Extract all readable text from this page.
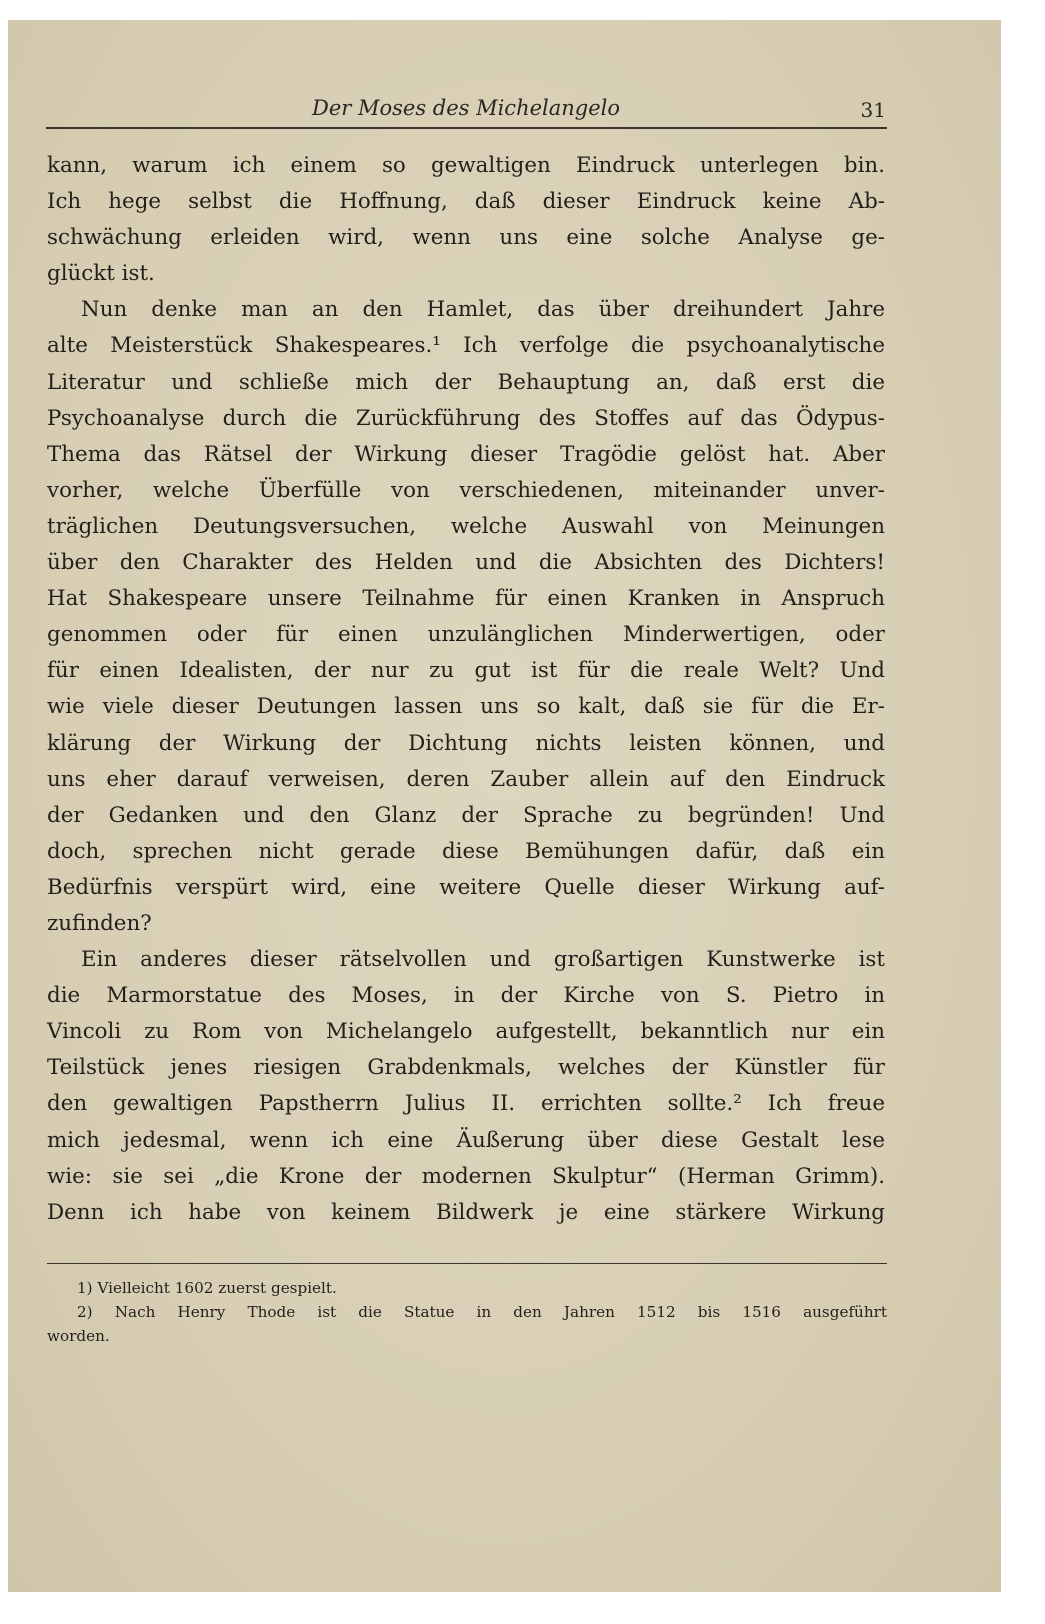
Der Moses des Michelangelo	31
kann, warum ich einem so gewaltigen Eindruck unterlegen bin.
Ich hege selbst die Hoffnung, daß dieser Eindruck keine Ab-
schwächung erleiden wird, wenn uns eine solche Analyse ge-
glückt ist.
Nun denke man an den Hamlet, das über dreihundert Jahre
alte Meisterstück Shakespeares.¹ Ich verfolge die psychoanalytische
Literatur und schließe mich der Behauptung an, daß erst die
Psychoanalyse durch die Zurückführung des Stoffes auf das Ödypus-
Thema das Rätsel der Wirkung dieser Tragödie gelöst hat. Aber
vorher, welche Überfülle von verschiedenen, miteinander unver-
träglichen Deutungsversuchen, welche Auswahl von Meinungen
über den Charakter des Helden und die Absichten des Dichters!
Hat Shakespeare unsere Teilnahme für einen Kranken in Anspruch
genommen oder für einen unzulänglichen Minderwertigen, oder
für einen Idealisten, der nur zu gut ist für die reale Welt? Und
wie viele dieser Deutungen lassen uns so kalt, daß sie für die Er-
klärung der Wirkung der Dichtung nichts leisten können, und
uns eher darauf verweisen, deren Zauber allein auf den Eindruck
der Gedanken und den Glanz der Sprache zu begründen! Und
doch, sprechen nicht gerade diese Bemühungen dafür, daß ein
Bedürfnis verspürt wird, eine weitere Quelle dieser Wirkung auf-
zufinden?
Ein anderes dieser rätselvollen und großartigen Kunstwerke ist
die Marmorstatue des Moses, in der Kirche von S. Pietro in
Vincoli zu Rom von Michelangelo aufgestellt, bekanntlich nur ein
Teilstück jenes riesigen Grabdenkmals, welches der Künstler für
den gewaltigen Papstherrn Julius II. errichten sollte.² Ich freue
mich jedesmal, wenn ich eine Äußerung über diese Gestalt lese
wie: sie sei „die Krone der modernen Skulptur“ (Herman Grimm).
Denn ich habe von keinem Bildwerk je eine stärkere Wirkung
1) Vielleicht 1602 zuerst gespielt.
2) Nach Henry Thode ist die Statue in den Jahren 1512 bis 1516 ausgeführt
worden.
